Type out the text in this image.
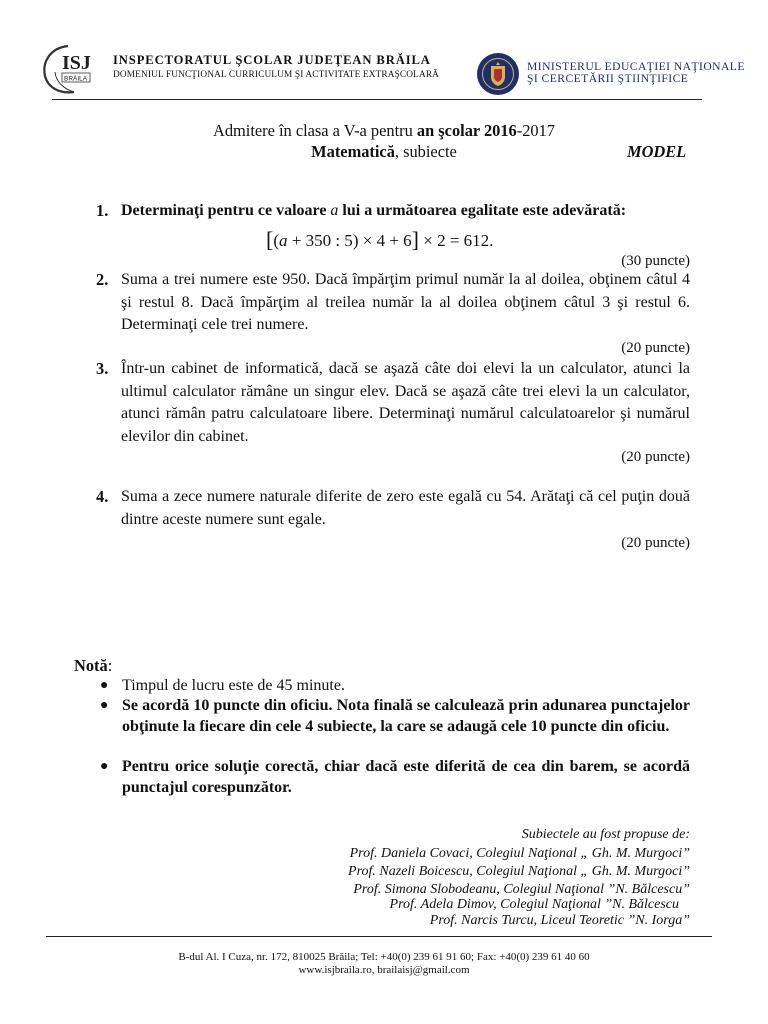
ISJ
BRĂILA
INSPECTORATUL ŞCOLAR JUDEŢEAN BRĂILA
DOMENIUL FUNCŢIONAL CURRICULUM ŞI ACTIVITATE EXTRAŞCOLARĂ
MINISTERUL EDUCAŢIEI NAŢIONALE
ŞI CERCETĂRII ŞTIINŢIFICE
Admitere în clasa a V-a pentru an şcolar 2016-2017
Matematică, subiecte	MODEL
1. Determinaţi pentru ce valoare a lui a următoarea egalitate este adevărată:
[(a + 350 : 5) × 4 + 6] × 2 = 612.
(30 puncte)
2. Suma a trei numere este 950. Dacă împărţim primul număr la al doilea, obţinem câtul 4 şi restul 8. Dacă împărţim al treilea număr la al doilea obţinem câtul 3 şi restul 6. Determinaţi cele trei numere.
(20 puncte)
3. Într-un cabinet de informatică, dacă se aşază câte doi elevi la un calculator, atunci la ultimul calculator rămâne un singur elev. Dacă se aşază câte trei elevi la un calculator, atunci rămân patru calculatoare libere. Determinaţi numărul calculatoarelor şi numărul elevilor din cabinet.
(20 puncte)
4. Suma a zece numere naturale diferite de zero este egală cu 54. Arătaţi că cel puţin două dintre aceste numere sunt egale.
(20 puncte)
Notă:
● Timpul de lucru este de 45 minute.
● Se acordă 10 puncte din oficiu. Nota finală se calculează prin adunarea punctajelor obţinute la fiecare din cele 4 subiecte, la care se adaugă cele 10 puncte din oficiu.
● Pentru orice soluţie corectă, chiar dacă este diferită de cea din barem, se acordă punctajul corespunzător.
Subiectele au fost propuse de:
Prof. Daniela Covaci, Colegiul Naţional „ Gh. M. Murgoci”
Prof. Nazeli Boicescu, Colegiul Naţional „ Gh. M. Murgoci”
Prof. Simona Slobodeanu, Colegiul Naţional ”N. Bălcescu”
Prof. Adela Dimov, Colegiul Naţional ”N. Bălcescu
Prof. Narcis Turcu, Liceul Teoretic ”N. Iorga”
B-dul Al. I Cuza, nr. 172, 810025 Brăila; Tel: +40(0) 239 61 91 60; Fax: +40(0) 239 61 40 60
www.isjbraila.ro, brailaisj@gmail.com
